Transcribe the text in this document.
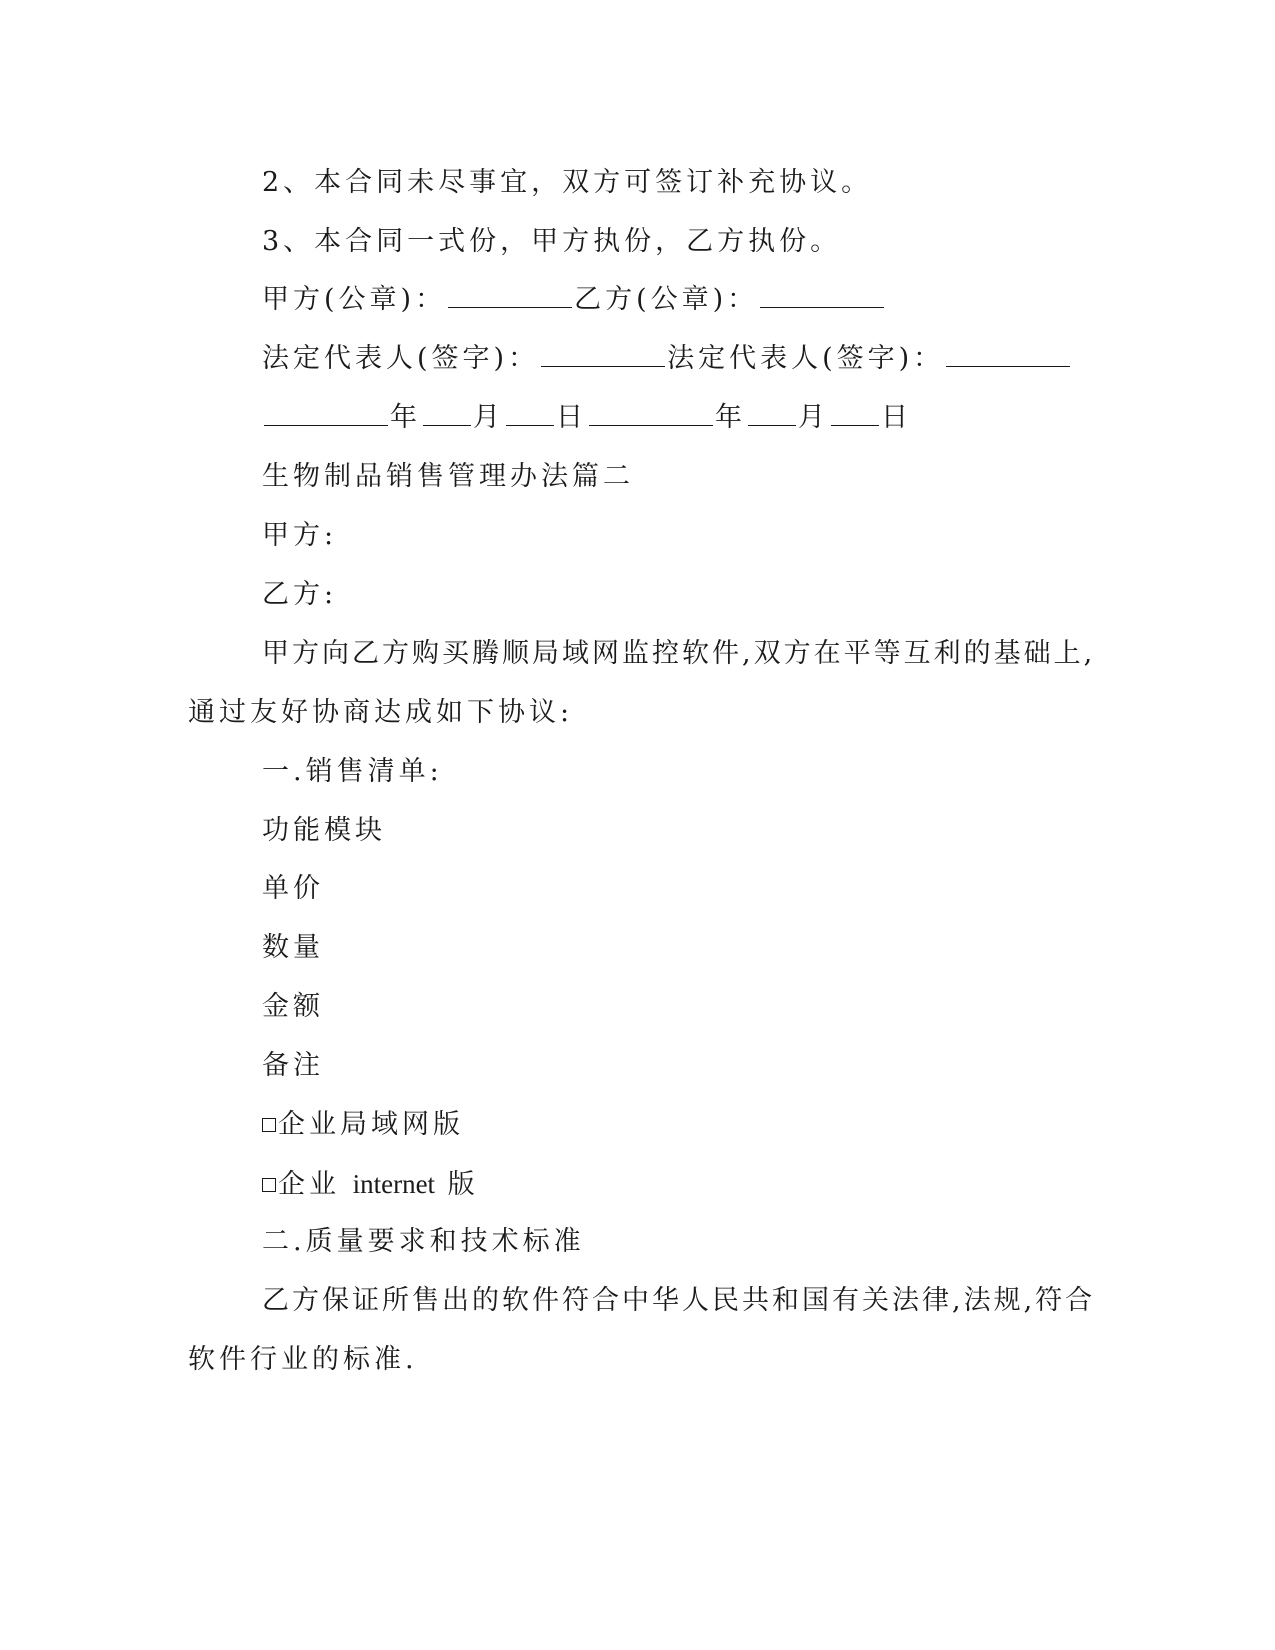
2、本合同未尽事宜，双方可签订补充协议。
3、本合同一式份，甲方执份，乙方执份。
甲方(公章)：	乙方(公章)：
法定代表人(签字)：	法定代表人(签字)：
年 月 日	年 月 日
生物制品销售管理办法篇二
甲方:
乙方:
甲方向乙方购买腾顺局域网监控软件,双方在平等互利的基础上,
通过友好协商达成如下协议:
一.销售清单:
功能模块
单价
数量
金额
备注
企业局域网版
企业 internet 版
二.质量要求和技术标准
乙方保证所售出的软件符合中华人民共和国有关法律,法规,符合
软件行业的标准.
